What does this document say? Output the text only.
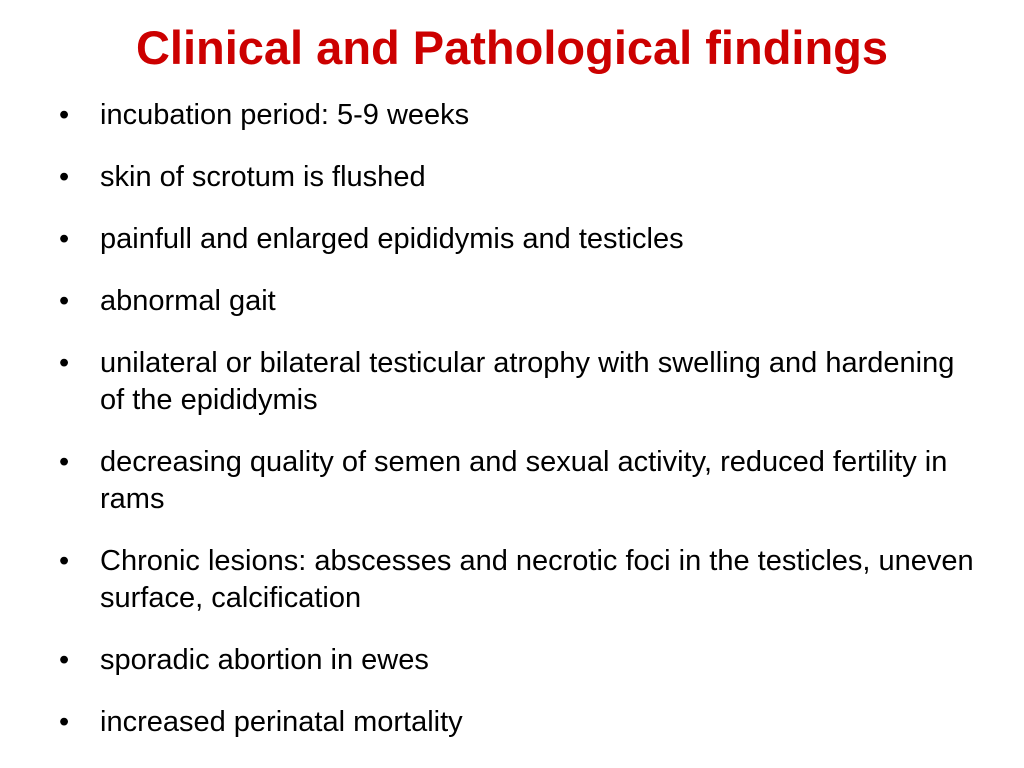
Clinical and Pathological findings
•	incubation period: 5-9 weeks
•	skin of scrotum is flushed
•	painfull and enlarged epididymis and testicles
•	abnormal gait
•	unilateral or bilateral testicular atrophy with swelling and hardening of the epididymis
•	decreasing quality of semen and sexual activity, reduced fertility in rams
•	Chronic lesions: abscesses and necrotic foci in the testicles, uneven surface, calcification
•	sporadic abortion in ewes
•	increased perinatal mortality
